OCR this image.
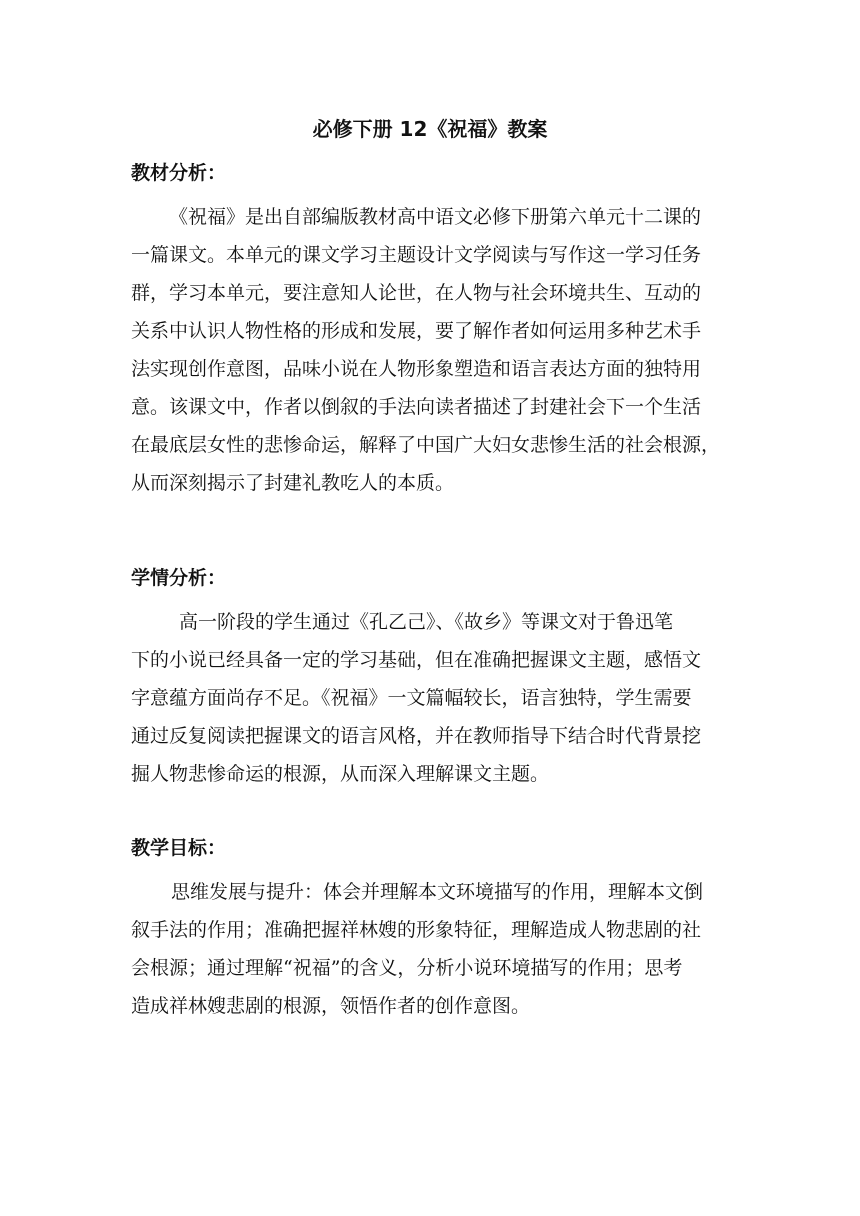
必修下册 12《祝福》教案
教材分析：
《祝福》是出自部编版教材高中语文必修下册第六单元十二课的
一篇课文。本单元的课文学习主题设计文学阅读与写作这一学习任务
群，学习本单元，要注意知人论世，在人物与社会环境共生、互动的
关系中认识人物性格的形成和发展，要了解作者如何运用多种艺术手
法实现创作意图，品味小说在人物形象塑造和语言表达方面的独特用
意。该课文中，作者以倒叙的手法向读者描述了封建社会下一个生活
在最底层女性的悲惨命运，解释了中国广大妇女悲惨生活的社会根源，
从而深刻揭示了封建礼教吃人的本质。
学情分析：
高一阶段的学生通过《孔乙己》、《故乡》等课文对于鲁迅笔
下的小说已经具备一定的学习基础，但在准确把握课文主题，感悟文
字意蕴方面尚存不足。《祝福》一文篇幅较长，语言独特，学生需要
通过反复阅读把握课文的语言风格，并在教师指导下结合时代背景挖
掘人物悲惨命运的根源，从而深入理解课文主题。
教学目标：
思维发展与提升：体会并理解本文环境描写的作用，理解本文倒
叙手法的作用；准确把握祥林嫂的形象特征，理解造成人物悲剧的社
会根源；通过理解“祝福”的含义，分析小说环境描写的作用；思考
造成祥林嫂悲剧的根源，领悟作者的创作意图。
